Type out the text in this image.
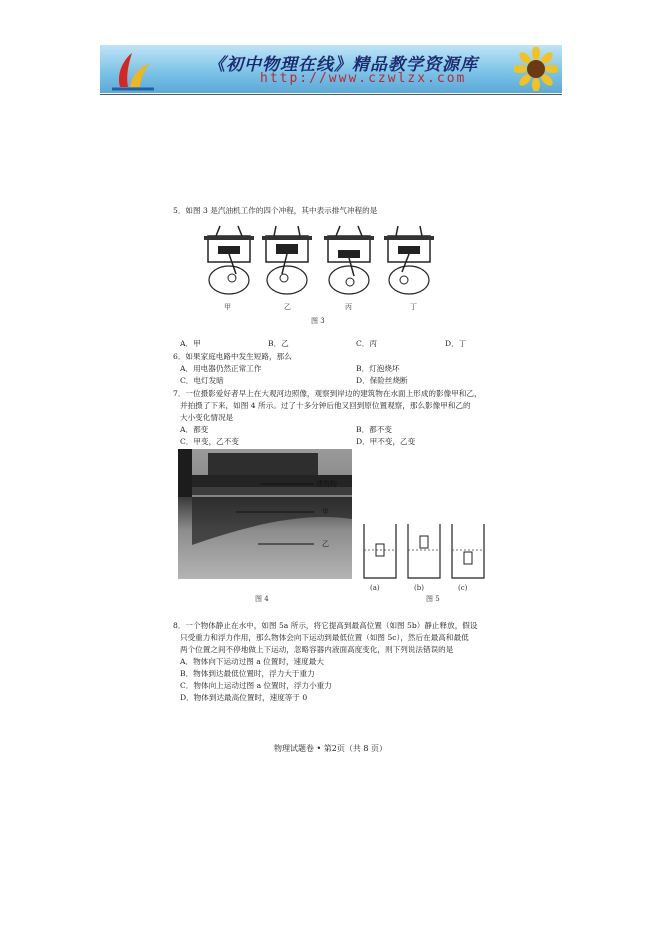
《初中物理在线》精品教学资源库
http://www.czwlzx.com
5．如图 3 是汽油机工作的四个冲程，其中表示排气冲程的是
甲	乙	丙	丁
图 3
A．甲	B．乙	C．丙	D．丁
6．如果家庭电路中发生短路，那么
A．用电器仍然正常工作	B．灯泡烧坏
C．电灯发暗	D．保险丝烧断
7．一位摄影爱好者早上在大观河边照像，观察到岸边的建筑物在水面上形成的影像甲和乙，
并拍摄了下来，如图 4 所示。过了十多分钟后他又回到原位置观察，那么影像甲和乙的
大小变化情况是
A．都变	B．都不变
C．甲变，乙不变	D．甲不变，乙变
建筑物
甲
乙
图 4
(a)	(b)	(c)
图 5
8．一个物体静止在水中，如图 5a 所示，将它提高到最高位置（如图 5b）静止释放，假设
只受重力和浮力作用，那么物体会向下运动到最低位置（如图 5c），然后在最高和最低
两个位置之间不停地做上下运动，忽略容器内液面高度变化，则下列说法错误的是
A．物体向下运动过图 a 位置时，速度最大
B．物体到达最低位置时，浮力大于重力
C．物体向上运动过图 a 位置时，浮力小重力
D．物体到达最高位置时，速度等于 0
物理试题卷 • 第2页（共 8 页）
